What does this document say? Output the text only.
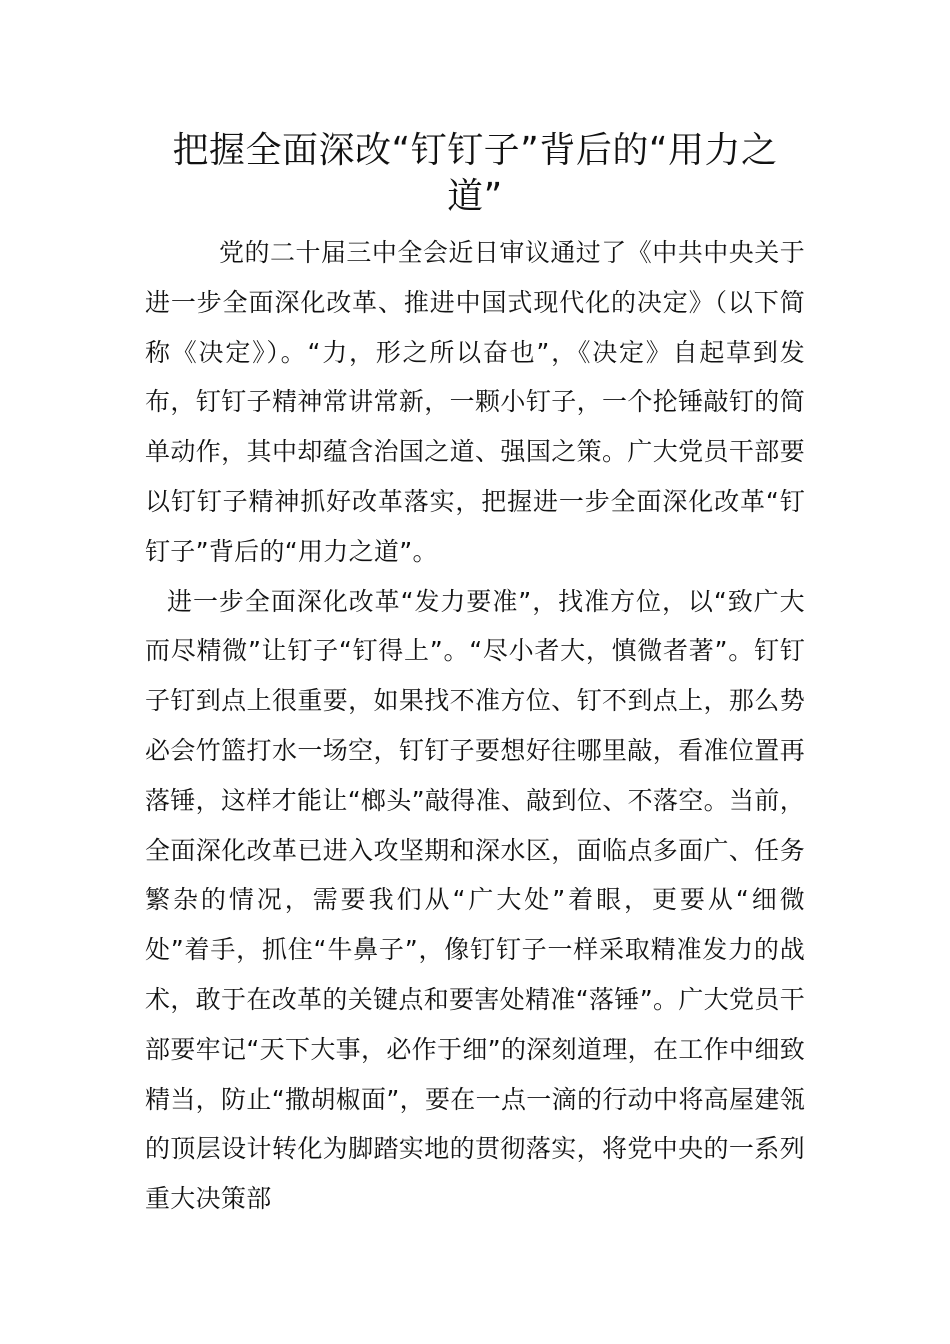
把握全面深改“钉钉子”背后的“用力之道”

党的二十届三中全会近日审议通过了《中共中央关于进一步全面深化改革、推进中国式现代化的决定》（以下简称《决定》）。“力，形之所以奋也”，《决定》自起草到发布，钉钉子精神常讲常新，一颗小钉子，一个抡锤敲钉的简单动作，其中却蕴含治国之道、强国之策。广大党员干部要以钉钉子精神抓好改革落实，把握进一步全面深化改革“钉钉子”背后的“用力之道”。

进一步全面深化改革“发力要准”，找准方位，以“致广大而尽精微”让钉子“钉得上”。“尽小者大，慎微者著”。钉钉子钉到点上很重要，如果找不准方位、钉不到点上，那么势必会竹篮打水一场空，钉钉子要想好往哪里敲，看准位置再落锤，这样才能让“榔头”敲得准、敲到位、不落空。当前，全面深化改革已进入攻坚期和深水区，面临点多面广、任务繁杂的情况，需要我们从“广大处”着眼，更要从“细微处”着手，抓住“牛鼻子”，像钉钉子一样采取精准发力的战术，敢于在改革的关键点和要害处精准“落锤”。广大党员干部要牢记“天下大事，必作于细”的深刻道理，在工作中细致精当，防止“撒胡椒面”，要在一点一滴的行动中将高屋建瓴的顶层设计转化为脚踏实地的贯彻落实，将党中央的一系列重大决策部
